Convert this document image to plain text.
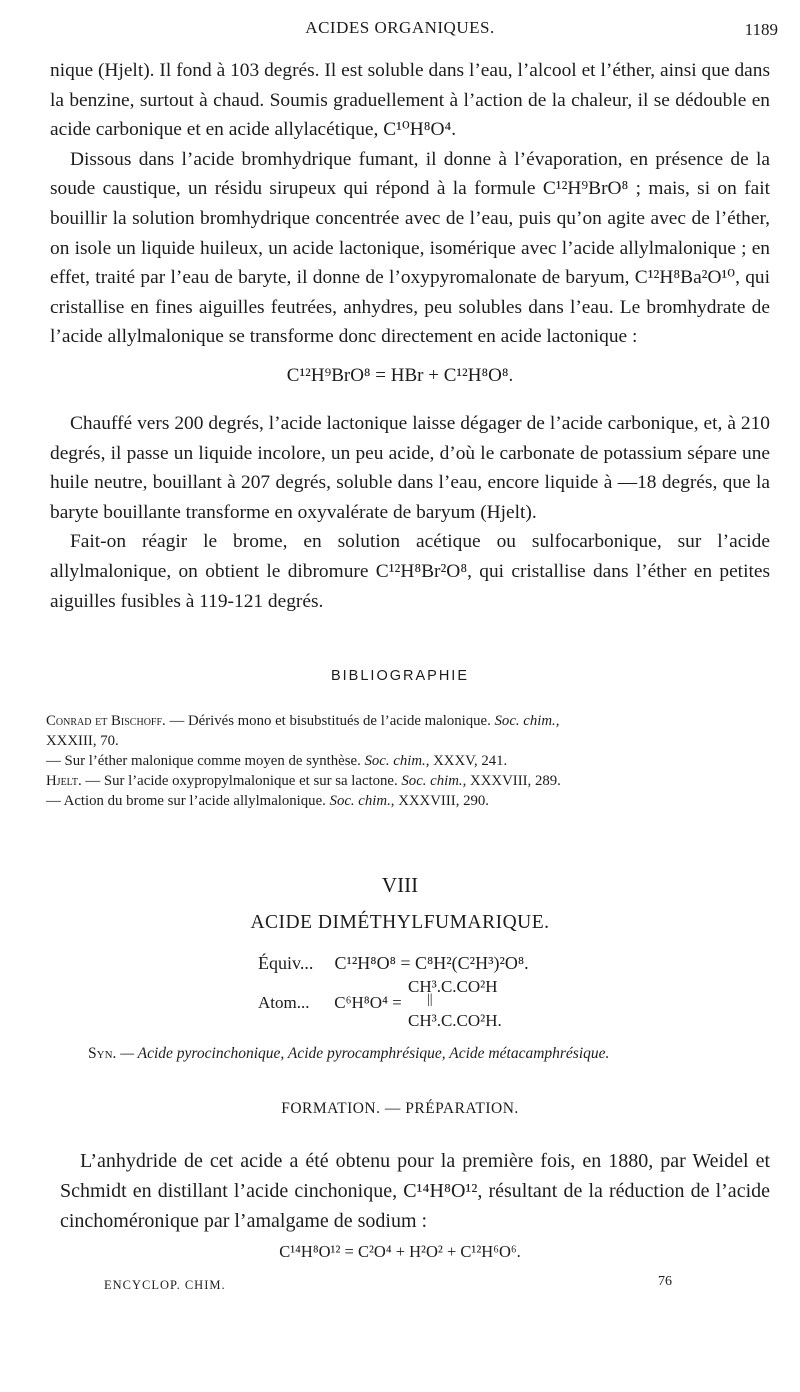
ACIDES ORGANIQUES.	1189

nique (Hjelt). Il fond à 103 degrés. Il est soluble dans l’eau, l’alcool et l’éther, ainsi que dans la benzine, surtout à chaud. Soumis graduellement à l’action de la chaleur, il se dédouble en acide carbonique et en acide allylacétique, C¹⁰H⁸O⁴.

Dissous dans l’acide bromhydrique fumant, il donne à l’évaporation, en présence de la soude caustique, un résidu sirupeux qui répond à la formule C¹²H⁹BrO⁸ ; mais, si on fait bouillir la solution bromhydrique concentrée avec de l’eau, puis qu’on agite avec de l’éther, on isole un liquide huileux, un acide lactonique, isomérique avec l’acide allylmalonique ; en effet, traité par l’eau de baryte, il donne de l’oxypyromalonate de baryum, C¹²H⁸Ba²O¹⁰, qui cristallise en fines aiguilles feutrées, anhydres, peu solubles dans l’eau. Le bromhydrate de l’acide allylmalonique se transforme donc directement en acide lactonique :

C¹²H⁹BrO⁸ = HBr + C¹²H⁸O⁸.

Chauffé vers 200 degrés, l’acide lactonique laisse dégager de l’acide carbonique, et, à 210 degrés, il passe un liquide incolore, un peu acide, d’où le carbonate de potassium sépare une huile neutre, bouillant à 207 degrés, soluble dans l’eau, encore liquide à —18 degrés, que la baryte bouillante transforme en oxyvalérate de baryum (Hjelt).

Fait-on réagir le brome, en solution acétique ou sulfocarbonique, sur l’acide allylmalonique, on obtient le dibromure C¹²H⁸Br²O⁸, qui cristallise dans l’éther en petites aiguilles fusibles à 119-121 degrés.

BIBLIOGRAPHIE

Conrad et Bischoff. — Dérivés mono et bisubstitués de l’acide malonique. Soc. chim.,
XXXIII, 70.

— Sur l’éther malonique comme moyen de synthèse. Soc. chim., XXXV, 241.

Hjelt. — Sur l’acide oxypropylmalonique et sur sa lactone. Soc. chim., XXXVIII, 289.

— Action du brome sur l’acide allylmalonique. Soc. chim., XXXVIII, 290.

VIII
ACIDE DIMÉTHYLFUMARIQUE.
Équiv... C¹²H⁸O⁸ = C⁸H²(C²H³)²O⁸.
CH³.C.CO²H
Atom... C⁶H⁸O⁴ = ||
CH³.C.CO²H.
Syn. — Acide pyrocinchonique, Acide pyrocamphrésique, Acide métacamphrésique.
FORMATION. — PRÉPARATION.

L’anhydride de cet acide a été obtenu pour la première fois, en 1880, par Weidel et Schmidt en distillant l’acide cinchonique, C¹⁴H⁸O¹², résultant de la réduction de l’acide cinchoméronique par l’amalgame de sodium :

C¹⁴H⁸O¹² = C²O⁴ + H²O² + C¹²H⁶O⁶.
ENCYCLOP. CHIM.	76
